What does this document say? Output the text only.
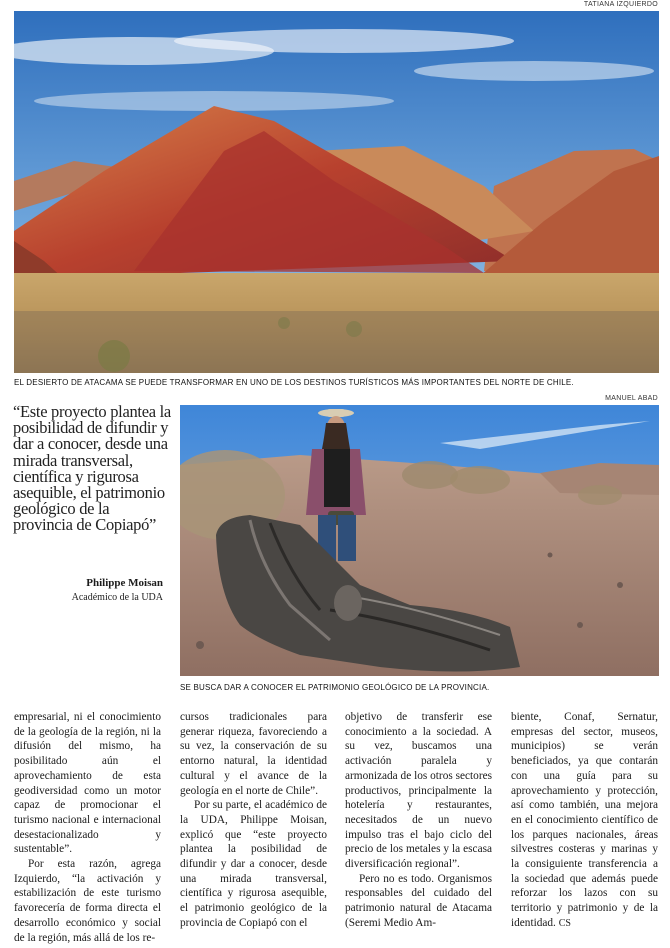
TATIANA IZQUIERDO
EL DESIERTO DE ATACAMA SE PUEDE TRANSFORMAR EN UNO DE LOS DESTINOS TURÍSTICOS MÁS IMPORTANTES DEL NORTE DE CHILE.
MANUEL ABAD
“Este proyecto plantea la posibilidad de difundir y dar a conocer, desde una mirada transversal, científica y rigurosa asequible, el patrimonio geológico de la provincia de Copiapó”
Philippe Moisan
Académico de la UDA
SE BUSCA DAR A CONOCER EL PATRIMONIO GEOLÓGICO DE LA PROVINCIA.

empresarial, ni el conocimiento de la geología de la región, ni la difusión del mismo, ha posibilitado aún el aprovechamiento de esta geodiversidad como un motor capaz de promocionar el turismo nacional e internacional desestacionalizado y sustentable”.

Por esta razón, agrega Izquierdo, “la activación y estabilización de este turismo favorecería de forma directa el desarrollo económico y social de la región, más allá de los re-

cursos tradicionales para generar riqueza, favoreciendo a su vez, la conservación de su entorno natural, la identidad cultural y el avance de la geología en el norte de Chile”.

Por su parte, el académico de la UDA, Philippe Moisan, explicó que “este proyecto plantea la posibilidad de difundir y dar a conocer, desde una mirada transversal, científica y rigurosa asequible, el patrimonio geológico de la provincia de Copiapó con el

objetivo de transferir ese conocimiento a la sociedad. A su vez, buscamos una activación paralela y armonizada de los otros sectores productivos, principalmente la hotelería y restaurantes, necesitados de un nuevo impulso tras el bajo ciclo del precio de los metales y la escasa diversificación regional”.

Pero no es todo. Organismos responsables del cuidado del patrimonio natural de Atacama (Seremi Medio Am-

biente, Conaf, Sernatur, empresas del sector, museos, municipios) se verán beneficiados, ya que contarán con una guía para su aprovechamiento y protección, así como también, una mejora en el conocimiento científico de los parques nacionales, áreas silvestres costeras y marinas y la consiguiente transferencia a la sociedad que además puede reforzar los lazos con su territorio y patrimonio y de la identidad. CS
